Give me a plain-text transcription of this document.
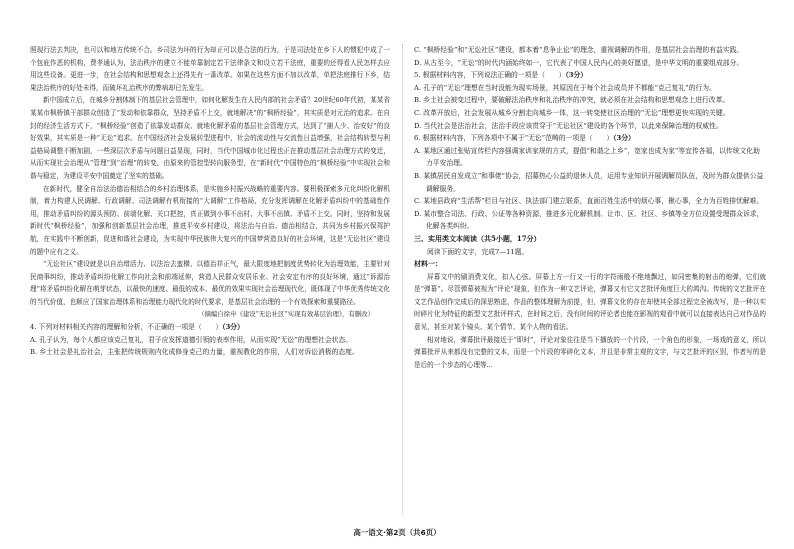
照现行法去判决，也可以和地方传统不合。乡司法为坏的行为却正可以是合法的行为，于是司法处在乡下人的惯犯中成了一个包庇作恶的机构，费孝通认为，法治秩序的建立不能单靠制定若干法律条文和设立若干法庭，重要的还得看人民怎样去应用这些设备。更进一步，在社会结构和思想观念上还得先有一番改革。如果在这些方面不加以改革，单把法庭推行下乡，结果法治秩序的好处未得，而破坏礼治秩序的弊病却已先发生。

新中国成立后，在城乡分割体制下的基层社会管理中，如何化解发生在人民内部的社会矛盾？20世纪60年代初，某某省某某市枫桥镇干部群众创造了“发动和依靠群众，坚持矛盾不上交，就地解决”的“枫桥经验”，其实质是对元治的追求。在自封的经济生活方式下，“枫桥经验”创造了依靠发动群众、就地化解矛盾的基层社会管理方式，达到了“捕人少、治安好”的良好效果，其实质是一种“无讼”追求。在中国经济社会发展转型进程中，社会的流动性与交流性日益增强，社会结构转型与利益格局调整不断加剧，一些深层次矛盾与问题日益显现，同时，当代中国城市化过程也正在推动基层社会治理方式的变迁，从而实现社会治理从“管理”到“治理”的转变，由原来的管控型转向服务型，在“新时代”中国特色的“枫桥经验”中实现社会和谐与稳定，为建设平安中国奠定了坚实的基础。

在新时代，健全自治法治德治相结合的乡村治理体系，是实施乡村振兴战略的重要内容。要积极探索多元化纠纷化解机制，着力构建人民调解、行政调解、司法调解有机衔接的“大调解”工作格局，充分发挥调解在化解矛盾纠纷中的基础性作用，推动矛盾纠纷的源头预防、前端化解、关口把控，真正做到小事不出村、大事不出镇、矛盾不上交。同时，坚持和发展新时代“枫桥经验”，加强和创新基层社会治理，推进平安乡村建设，将法治与自治、德治相结合，共同为乡村振兴保驾护航，在实践中不断创新，促进和谐社会建设，为实现中华民族伟大复兴的中国梦营造良好的社会环境，这是“无讼社区”建设的题中应有之义。

“无讼社区”建设就是以自治增活力、以法治去蛮横、以德治祥正气，最大限度地把制度优势转化为治理效能，主要针对民商事纠纷，推动矛盾纠纷化解工作向社会和前端延伸，营造人民群众安居乐业、社会安定有序的良好环境，通过“诉源治理”将矛盾纠纷化解在萌芽状态，以最快的速度、最低的成本、最优的效果实现社会治理现代化，既体现了中华优秀传统文化的当代价值，也顺应了国家治理体系和治理能力现代化的时代要求，是基层社会治理的一个有效探索和重要路径。

（摘编自徐申《建设“无讼社区”实现有效基层治理》，有删改）

4. 下列对材料相关内容的理解和分析，不正确的一项是（　　）（3分）

A. 孔子认为，每个人都应该克己复礼，君子应发挥道德引领的表率作用，从而实现“无讼”的理想社会状态。

B. 乡土社会是礼治社会，主张把传统规则内化成修身克己的力量，重视教化的作用，人们对诉讼消极的态度。

C. “枫桥经验”和“无讼社区”建设，都本着“息争止讼”的理念，重视调解的作用，是基层社会治理的有益实践。

D. 从古至今，“无讼”的时代内涵始终如一，它代表了中国人民内心的美好愿望，是中华文明的重要组成部分。

5. 根据材料内容，下列说法正确的一项是（　　）（3分）

A. 孔子的“无讼”理想在当时没能为现实场景，其原因在于每个社会成员并不都能“克己复礼”的行为。

B. 乡土社会被变过程中，要破解法治秩序和礼治秩序的冲突，就必须在社会结构和思想观念上进行改革。

C. 改革开放后，社会发展从城乡分割走向城乡一体，这一转变使社区治理的“无讼”理想更快实现的关键。

D. 当代社会是法治社会，法治手段应该贯穿于“无讼社区”建设的各个环节，以此来保障治理的权威性。

6. 根据材料内容，下列各项中不属于“无讼”范畴的一项是（　　）（3分）

A. 某地区通过张贴宣传栏内容强调家训家规的方式，提倡“和谐之上乡”，宽家也成为家“等宜传各福，以传统文化助力平安治理。

B. 某镇居民自发成立“和事佬”协会，招募热心公益的退休人员，运用专业知识开展调解员队伍，及时为群众提供公益调解服务。

C. 某地县政府“生活帮”栏目与社区、执法部门建立联系，直面百姓生活中的烦心事，揪心事，全力为百姓排忧解难。

D. 某市整合司法、行政、公证等各种资源，推进多元化解机制、让市、区、社区、乡镇等全方位设置受理群众诉求，化解各类纠纷。

三、实用类文本阅读（共5小题，17分）

阅读下面的文字，完成7—11题。

材料一：

屏幕文中的刷消费文化，扣人心弦。屏幕上方一行又一行的字符雨般不绝地飘过，如同密集的射击的炮弹，它们就是“弹幕”。尽管弹幕被视为“评论”现象，但作为一种文艺评论，弹幕又有它文艺批评角度巨大的鸿沟。传统的文艺批评在文艺作品创作完成后的深思熟虑，作品的整体理解为前提，但，弹幕文化的存在却使其全部过程完全被改写，是一种以实时碎片化为特征的新型文艺批评样式，在时间之后，没有时间的评论者也能在影视的观看中就可以直接表达自己对作品的意见，甚至对某个镜头、某个情节、某个人物的看法。

相对地说，弹幕批评最接近于“即时”，评论对象往往是当下播放的一个片段，一个角色的形象，一场戏的意义，所以弹幕批评从来都没有完整的文本，而是一个片段的零碎化文本，并且是非常主观的文字，与文艺批评的区别，作者写的是是后的一个步态的心理等...

高一语文·第2页（共6页）
